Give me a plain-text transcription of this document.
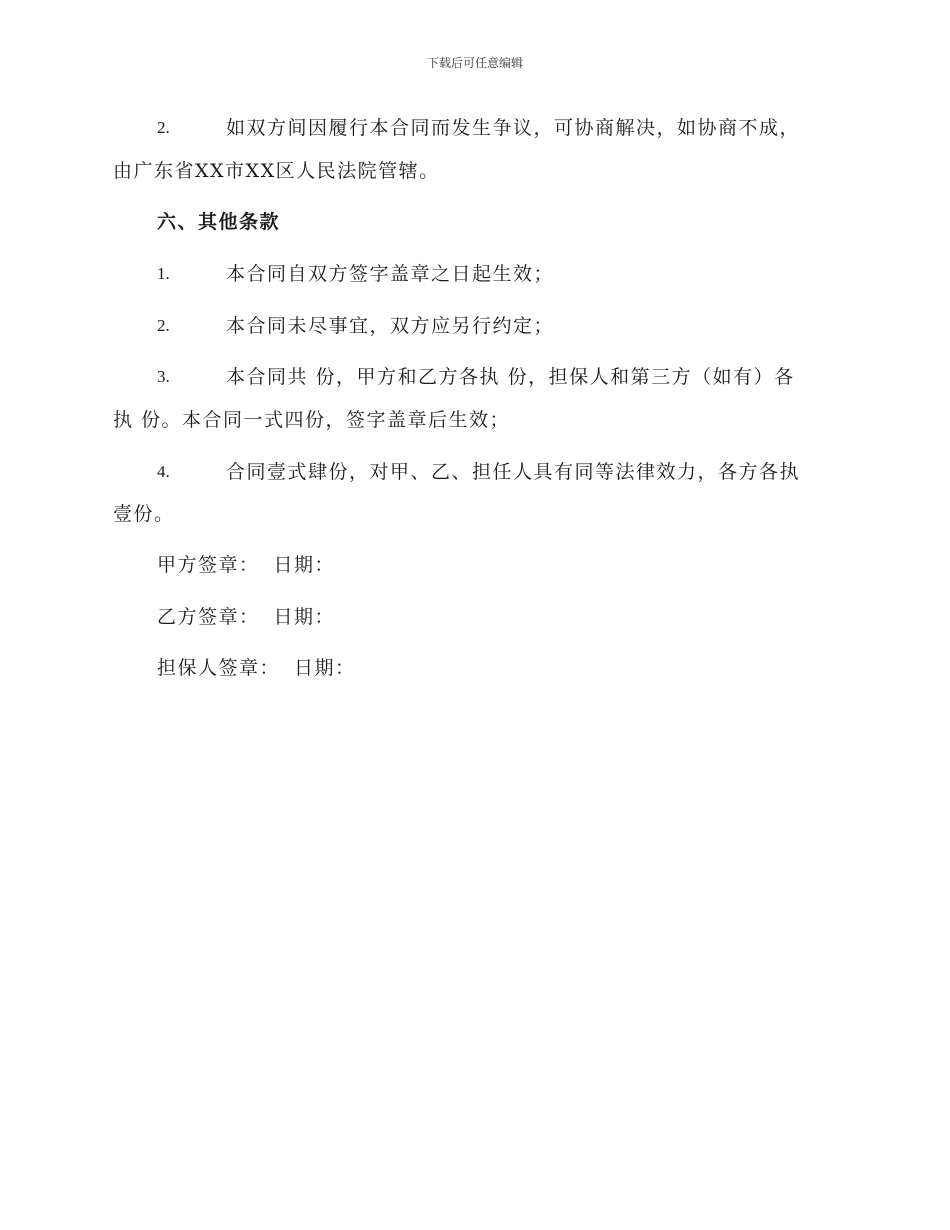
下载后可任意编辑
2.	如双方间因履行本合同而发生争议，可协商解决，如协商不成，
由广东省XX市XX区人民法院管辖。
六、其他条款
1.	本合同自双方签字盖章之日起生效；
2.	本合同未尽事宜，双方应另行约定；
3.	本合同共 份，甲方和乙方各执 份，担保人和第三方（如有）各
执 份。本合同一式四份，签字盖章后生效；
4.	合同壹式肆份，对甲、乙、担任人具有同等法律效力，各方各执
壹份。
甲方签章： 日期：
乙方签章： 日期：
担保人签章： 日期：
